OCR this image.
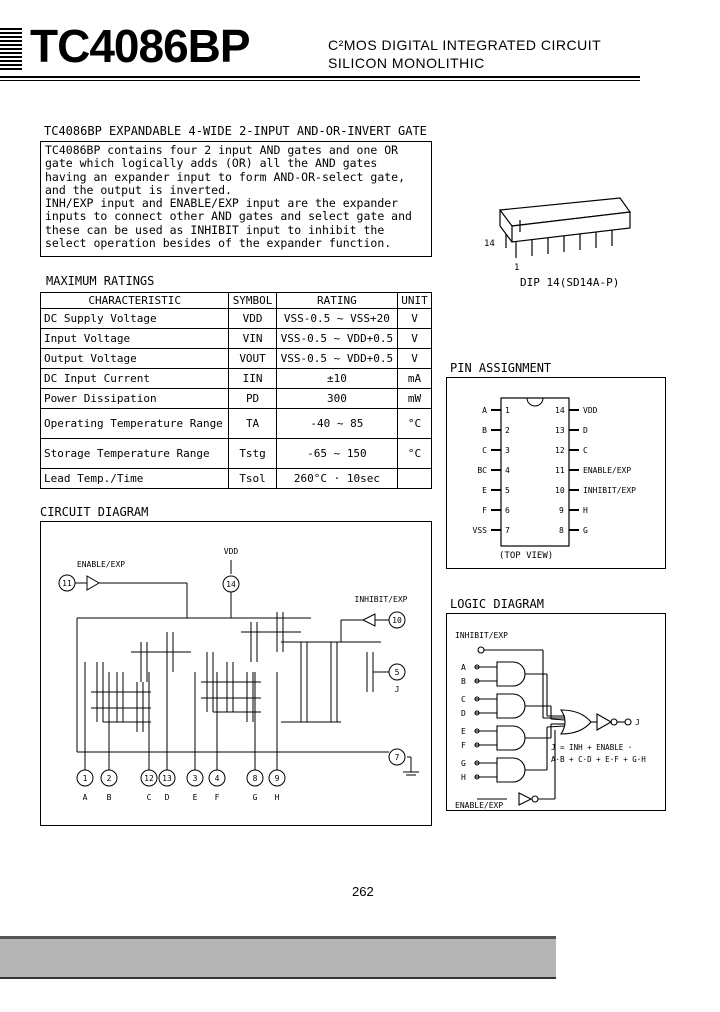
TC4086BP	C²MOS DIGITAL INTEGRATED CIRCUIT
SILICON MONOLITHIC
TC4086BP EXPANDABLE 4-WIDE 2-INPUT AND-OR-INVERT GATE
TC4086BP contains four 2 input AND gates and one OR
gate which logically adds (OR) all the AND gates
having an expander input to form AND-OR-select gate,
and the output is inverted.
INH/EXP input and ENABLE/EXP input are the expander
inputs to connect other AND gates and select gate and
these can be used as INHIBIT input to inhibit the
select operation besides of the expander function.	14
1
DIP 14(SD14A-P)
MAXIMUM RATINGS
CHARACTERISTIC	SYMBOL	RATING	UNIT
DC Supply Voltage	VDD	VSS-0.5 ~ VSS+20	V
Input Voltage	VIN	VSS-0.5 ~ VDD+0.5	V
Output Voltage	VOUT	VSS-0.5 ~ VDD+0.5	V
DC Input Current	IIN	±10	mA
Power Dissipation	PD	300	mW
Operating Temperature Range	TA	-40 ~ 85	°C
Storage Temperature Range	Tstg	-65 ~ 150	°C
Lead Temp./Time	Tsol	260°C · 10sec	
PIN ASSIGNMENT
1
2
3
4
5
6
7
14
13
12
11
10
9
8
A
B
C
BC
E
F
VSS
VDD
D
C
ENABLE/EXP
INHIBIT/EXP
H
G
(TOP VIEW)
CIRCUIT DIAGRAM
VDD
14
ENABLE/EXP
11
INHIBIT/EXP
10
5
J
7
1 2	12 13	3 4	8 9
A B	C D	E F	G H
LOGIC DIAGRAM
INHIBIT/EXP
A
B
C
D
E
F
G
H
J
J = INH + ENABLE ·
A·B + C·D + E·F + G·H
ENABLE/EXP
262
